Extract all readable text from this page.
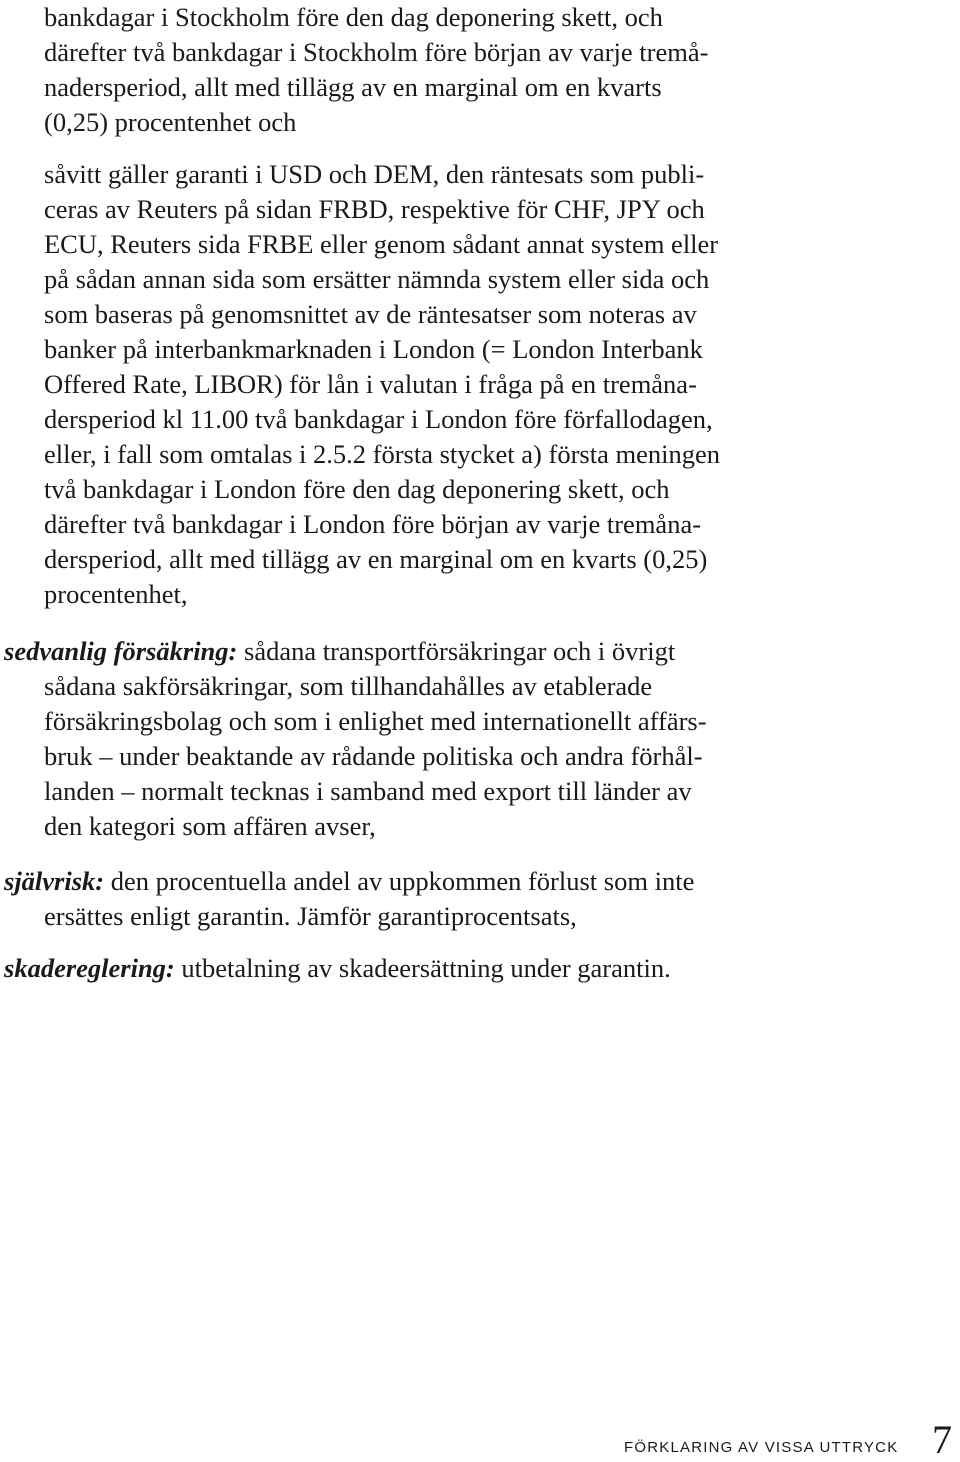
bankdagar i Stockholm före den dag deponering skett, och
därefter två bankdagar i Stockholm före början av varje tremå-
nadersperiod, allt med tillägg av en marginal om en kvarts
(0,25) procentenhet och
såvitt gäller garanti i USD och DEM, den räntesats som publi-
ceras av Reuters på sidan FRBD, respektive för CHF, JPY och
ECU, Reuters sida FRBE eller genom sådant annat system eller
på sådan annan sida som ersätter nämnda system eller sida och
som baseras på genomsnittet av de räntesatser som noteras av
banker på interbankmarknaden i London (= London Interbank
Offered Rate, LIBOR) för lån i valutan i fråga på en tremåna-
dersperiod kl 11.00 två bankdagar i London före förfallodagen,
eller, i fall som omtalas i 2.5.2 första stycket a) första meningen
två bankdagar i London före den dag deponering skett, och
därefter två bankdagar i London före början av varje tremåna-
dersperiod, allt med tillägg av en marginal om en kvarts (0,25)
procentenhet,
sedvanlig försäkring: sådana transportförsäkringar och i övrigt
sådana sakförsäkringar, som tillhandahålles av etablerade
försäkringsbolag och som i enlighet med internationellt affärs-
bruk – under beaktande av rådande politiska och andra förhål-
landen – normalt tecknas i samband med export till länder av
den kategori som affären avser,
självrisk: den procentuella andel av uppkommen förlust som inte
ersättes enligt garantin. Jämför garantiprocentsats,
skadereglering: utbetalning av skadeersättning under garantin.
FÖRKLARING AV VISSA UTTRYCK 7
